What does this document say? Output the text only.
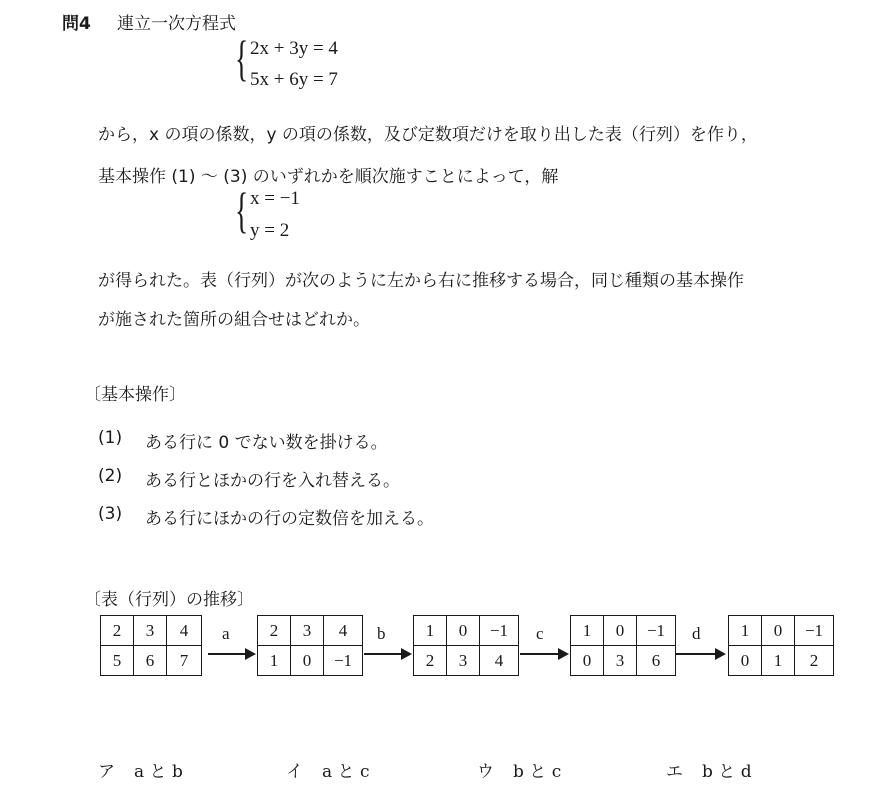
問4 連立一次方程式
{ 2x + 3y = 4
5x + 6y = 7
から，x の項の係数，y の項の係数，及び定数項だけを取り出した表（行列）を作り，
基本操作 (1) ～ (3) のいずれかを順次施すことによって，解
{ x = −1
y = 2
が得られた。表（行列）が次のように左から右に推移する場合，同じ種類の基本操作
が施された箇所の組合せはどれか。
〔基本操作〕
(1) ある行に 0 でない数を掛ける。
(2) ある行とほかの行を入れ替える。
(3) ある行にほかの行の定数倍を加える。
〔表（行列）の推移〕
2	3	4
5	6	7
a 2	3	4
1	0	−1
b 1	0	−1
2	3	4
c 1	0	−1
0	3	6
d 1	0	−1
0	1	2
ア a と b	イ a と c	ウ b と c	エ b と d
